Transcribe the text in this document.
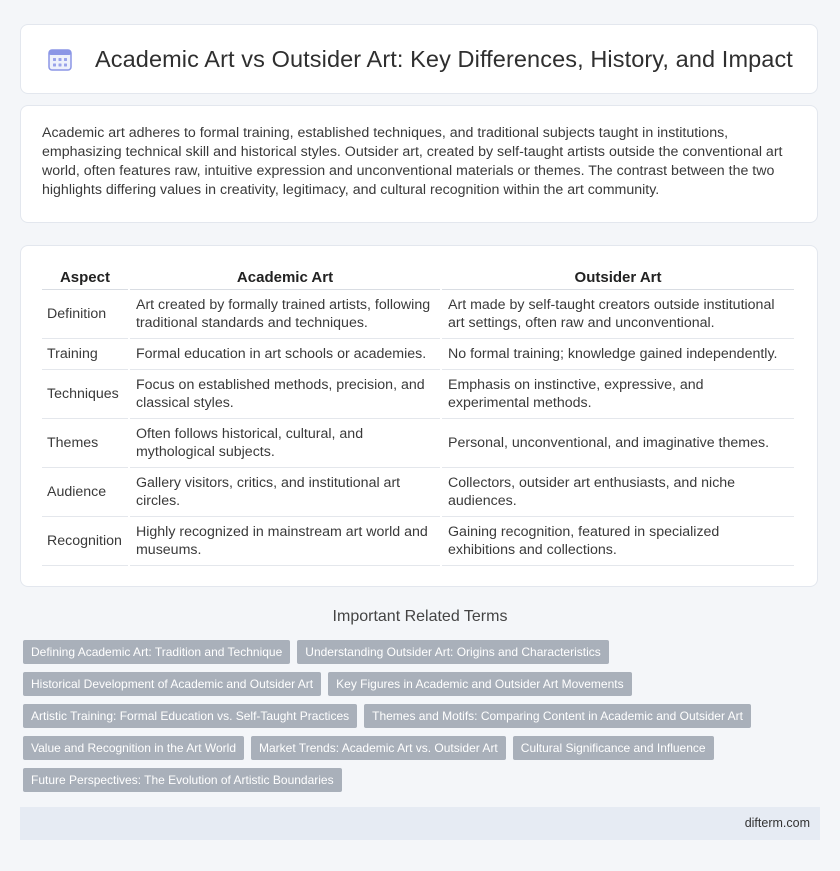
Academic Art vs Outsider Art: Key Differences, History, and Impact

Academic art adheres to formal training, established techniques, and traditional subjects taught in institutions, emphasizing technical skill and historical styles. Outsider art, created by self-taught artists outside the conventional art world, often features raw, intuitive expression and unconventional materials or themes. The contrast between the two highlights differing values in creativity, legitimacy, and cultural recognition within the art community.

Aspect	Academic Art	Outsider Art
Definition	Art created by formally trained artists, following traditional standards and techniques.	Art made by self-taught creators outside institutional art settings, often raw and unconventional.
Training	Formal education in art schools or academies.	No formal training; knowledge gained independently.
Techniques	Focus on established methods, precision, and classical styles.	Emphasis on instinctive, expressive, and experimental methods.
Themes	Often follows historical, cultural, and mythological subjects.	Personal, unconventional, and imaginative themes.
Audience	Gallery visitors, critics, and institutional art circles.	Collectors, outsider art enthusiasts, and niche audiences.
Recognition	Highly recognized in mainstream art world and museums.	Gaining recognition, featured in specialized exhibitions and collections.
Important Related Terms
Defining Academic Art: Tradition and Technique	Understanding Outsider Art: Origins and Characteristics
Historical Development of Academic and Outsider Art	Key Figures in Academic and Outsider Art Movements
Artistic Training: Formal Education vs. Self-Taught Practices	Themes and Motifs: Comparing Content in Academic and Outsider Art
Value and Recognition in the Art World	Market Trends: Academic Art vs. Outsider Art	Cultural Significance and Influence
Future Perspectives: The Evolution of Artistic Boundaries
difterm.com
